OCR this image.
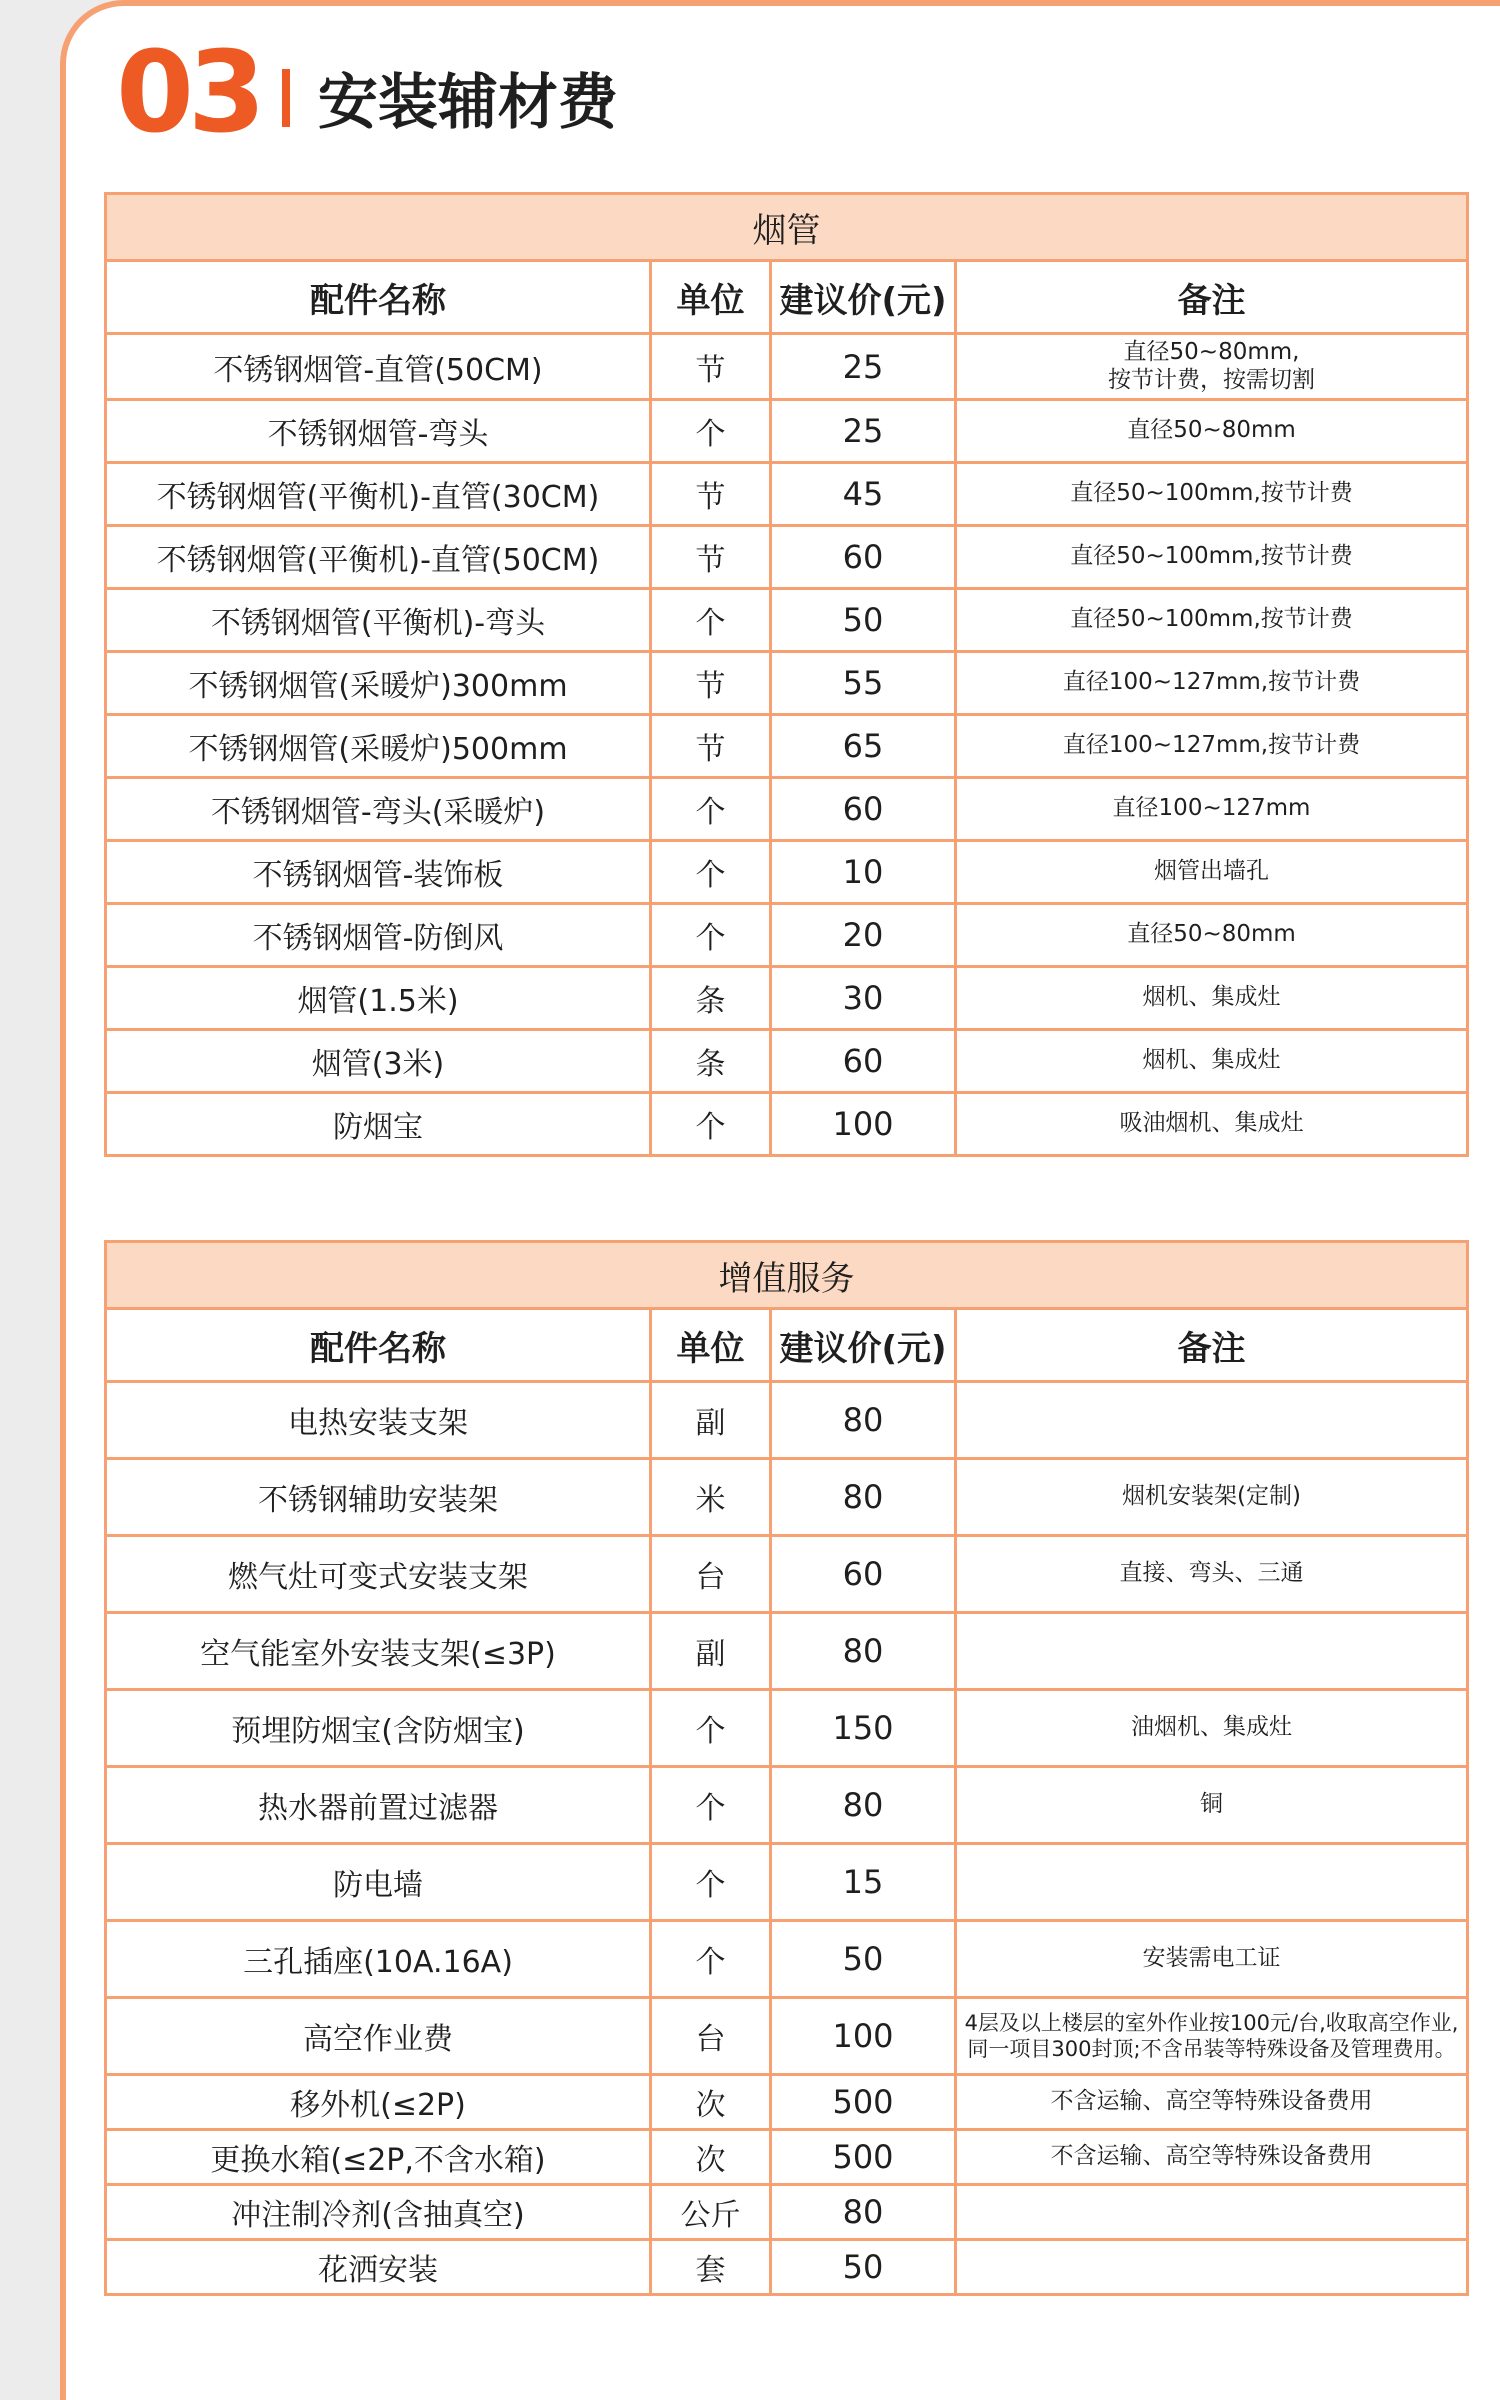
03 安装辅材费
烟管			
配件名称	单位	建议价(元)	备注
不锈钢烟管-直管(50CM)	节	25	直径50~80mm,
按节计费，按需切割
不锈钢烟管-弯头	个	25	直径50~80mm
不锈钢烟管(平衡机)-直管(30CM)	节	45	直径50~100mm,按节计费
不锈钢烟管(平衡机)-直管(50CM)	节	60	直径50~100mm,按节计费
不锈钢烟管(平衡机)-弯头	个	50	直径50~100mm,按节计费
不锈钢烟管(采暖炉)300mm	节	55	直径100~127mm,按节计费
不锈钢烟管(采暖炉)500mm	节	65	直径100~127mm,按节计费
不锈钢烟管-弯头(采暖炉)	个	60	直径100~127mm
不锈钢烟管-装饰板	个	10	烟管出墙孔
不锈钢烟管-防倒风	个	20	直径50~80mm
烟管(1.5米)	条	30	烟机、集成灶
烟管(3米)	条	60	烟机、集成灶
防烟宝	个	100	吸油烟机、集成灶
增值服务			
配件名称	单位	建议价(元)	备注
电热安装支架	副	80	
不锈钢辅助安装架	米	80	烟机安装架(定制)
燃气灶可变式安装支架	台	60	直接、弯头、三通
空气能室外安装支架(≤3P)	副	80	
预埋防烟宝(含防烟宝)	个	150	油烟机、集成灶
热水器前置过滤器	个	80	铜
防电墙	个	15	
三孔插座(10A.16A)	个	50	安装需电工证
高空作业费	台	100	4层及以上楼层的室外作业按100元/台,收取高空作业,
同一项目300封顶;不含吊装等特殊设备及管理费用。
移外机(≤2P)	次	500	不含运输、高空等特殊设备费用
更换水箱(≤2P,不含水箱)	次	500	不含运输、高空等特殊设备费用
冲注制冷剂(含抽真空)	公斤	80	
花洒安装	套	50	
